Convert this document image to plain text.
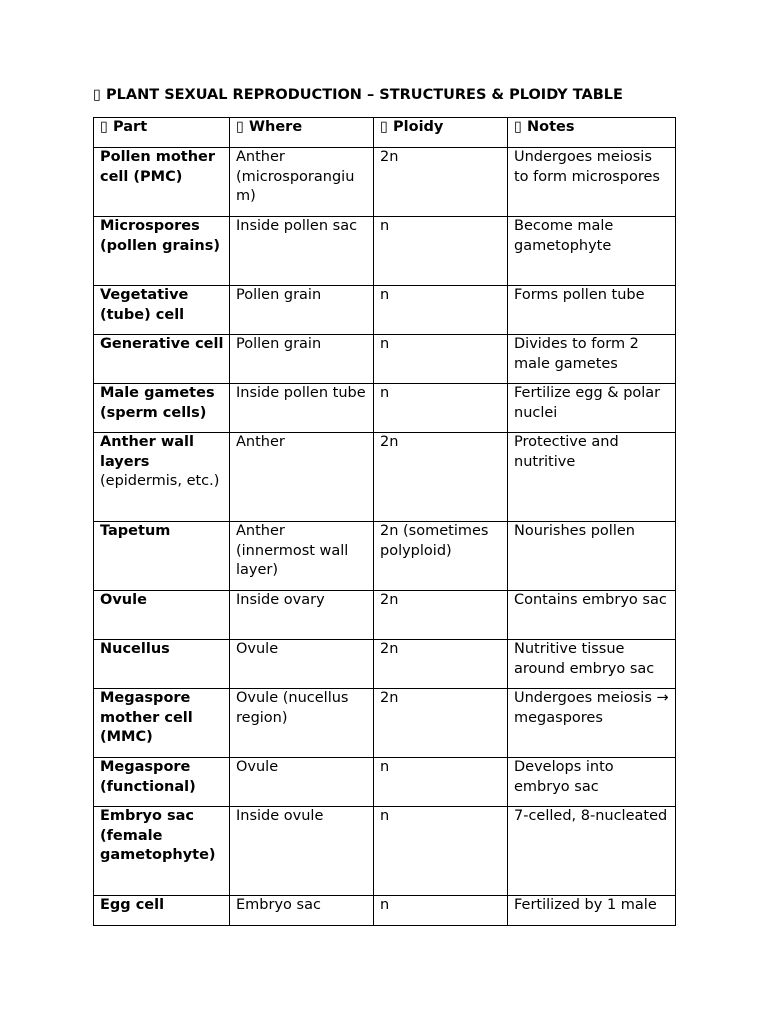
▯ PLANT SEXUAL REPRODUCTION – STRUCTURES & PLOIDY TABLE
▯ Part	▯ Where	▯ Ploidy	▯ Notes

Pollen mother cell (PMC)	Anther (microsporangium)	2n	Undergoes meiosis to form microspores

Microspores (pollen grains)	Inside pollen sac	n	Become male gametophyte

Vegetative (tube) cell	Pollen grain	n	Forms pollen tube

Generative cell	Pollen grain	n	Divides to form 2 male gametes

Male gametes (sperm cells)	Inside pollen tube	n	Fertilize egg & polar nuclei

Anther wall layers
(epidermis, etc.)	Anther	2n	Protective and nutritive

Tapetum	Anther (innermost wall layer)	2n (sometimes polyploid)	Nourishes pollen

Ovule	Inside ovary	2n	Contains embryo sac

Nucellus	Ovule	2n	Nutritive tissue around embryo sac

Megaspore mother cell (MMC)	Ovule (nucellus region)	2n	Undergoes meiosis → megaspores

Megaspore (functional)	Ovule	n	Develops into embryo sac

Embryo sac (female gametophyte)	Inside ovule	n	7-celled, 8-nucleated

Egg cell	Embryo sac	n	Fertilized by 1 male
